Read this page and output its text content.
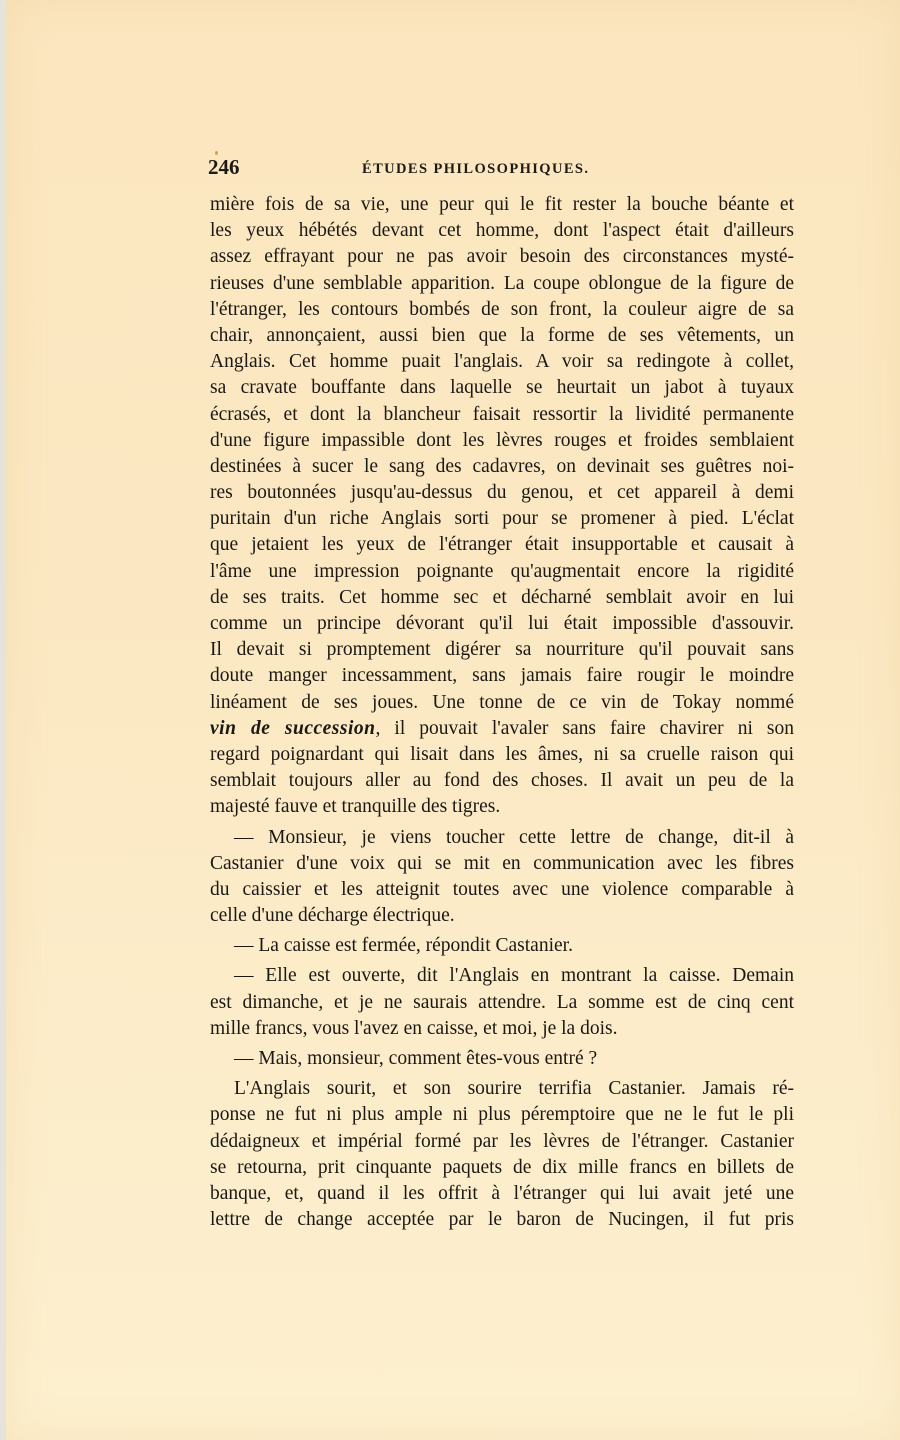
246	ÉTUDES PHILOSOPHIQUES.
mière fois de sa vie, une peur qui le fit rester la bouche béante et
les yeux hébétés devant cet homme, dont l'aspect était d'ailleurs
assez effrayant pour ne pas avoir besoin des circonstances mysté-
rieuses d'une semblable apparition. La coupe oblongue de la figure de
l'étranger, les contours bombés de son front, la couleur aigre de sa
chair, annonçaient, aussi bien que la forme de ses vêtements, un
Anglais. Cet homme puait l'anglais. A voir sa redingote à collet,
sa cravate bouffante dans laquelle se heurtait un jabot à tuyaux
écrasés, et dont la blancheur faisait ressortir la lividité permanente
d'une figure impassible dont les lèvres rouges et froides semblaient
destinées à sucer le sang des cadavres, on devinait ses guêtres noi-
res boutonnées jusqu'au-dessus du genou, et cet appareil à demi
puritain d'un riche Anglais sorti pour se promener à pied. L'éclat
que jetaient les yeux de l'étranger était insupportable et causait à
l'âme une impression poignante qu'augmentait encore la rigidité
de ses traits. Cet homme sec et décharné semblait avoir en lui
comme un principe dévorant qu'il lui était impossible d'assouvir.
Il devait si promptement digérer sa nourriture qu'il pouvait sans
doute manger incessamment, sans jamais faire rougir le moindre
linéament de ses joues. Une tonne de ce vin de Tokay nommé
vin de succession, il pouvait l'avaler sans faire chavirer ni son
regard poignardant qui lisait dans les âmes, ni sa cruelle raison qui
semblait toujours aller au fond des choses. Il avait un peu de la
majesté fauve et tranquille des tigres.
— Monsieur, je viens toucher cette lettre de change, dit-il à
Castanier d'une voix qui se mit en communication avec les fibres
du caissier et les atteignit toutes avec une violence comparable à
celle d'une décharge électrique.
— La caisse est fermée, répondit Castanier.
— Elle est ouverte, dit l'Anglais en montrant la caisse. Demain
est dimanche, et je ne saurais attendre. La somme est de cinq cent
mille francs, vous l'avez en caisse, et moi, je la dois.
— Mais, monsieur, comment êtes-vous entré ?
L'Anglais sourit, et son sourire terrifia Castanier. Jamais ré-
ponse ne fut ni plus ample ni plus péremptoire que ne le fut le pli
dédaigneux et impérial formé par les lèvres de l'étranger. Castanier
se retourna, prit cinquante paquets de dix mille francs en billets de
banque, et, quand il les offrit à l'étranger qui lui avait jeté une
lettre de change acceptée par le baron de Nucingen, il fut pris
